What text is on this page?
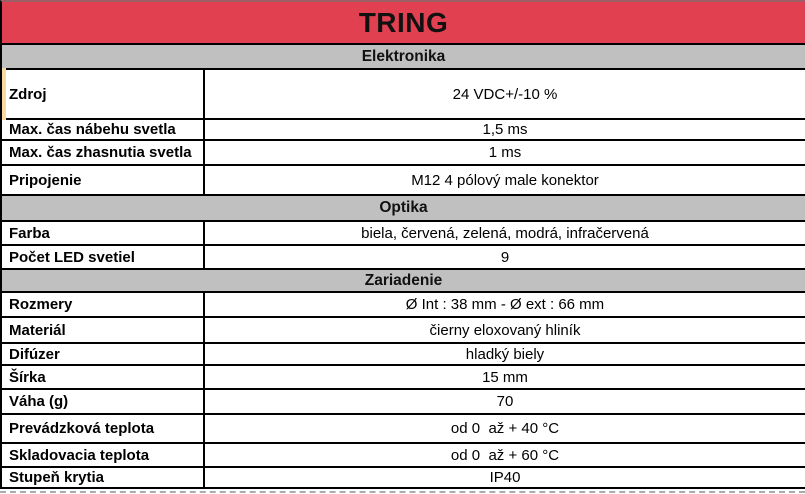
TRING
Elektronika
Zdroj	24 VDC+/-10 %
Max. čas nábehu svetla	1,5 ms
Max. čas zhasnutia svetla	1 ms
Pripojenie	M12 4 pólový male konektor
Optika
Farba	biela, červená, zelená, modrá, infračervená
Počet LED svetiel	9
Zariadenie
Rozmery	Ø Int : 38 mm - Ø ext : 66 mm
Materiál	čierny eloxovaný hliník
Difúzer	hladký biely
Šírka	15 mm
Váha (g)	70
Prevádzková teplota	od 0  až + 40 °C
Skladovacia teplota	od 0  až + 60 °C
Stupeň krytia	IP40
